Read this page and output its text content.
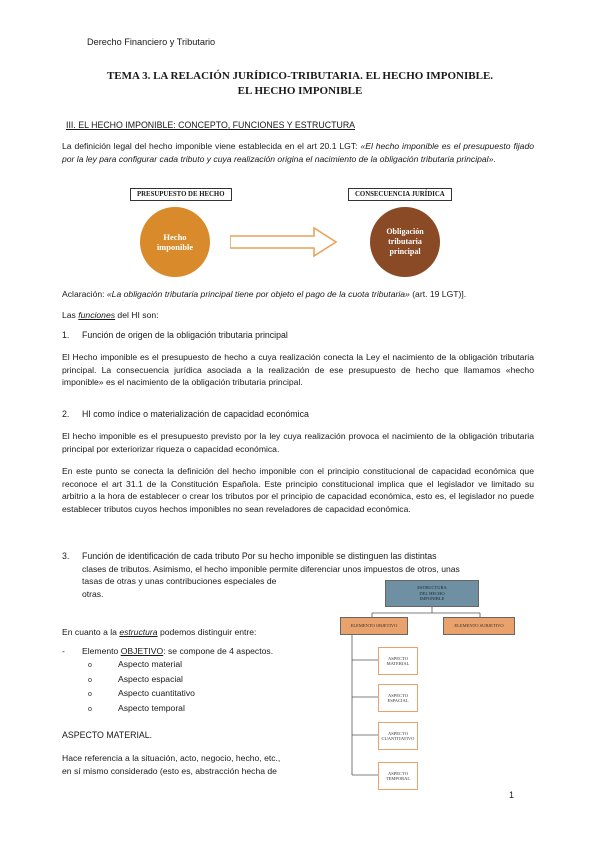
Derecho Financiero y Tributario
TEMA 3. LA RELACIÓN JURÍDICO-TRIBUTARIA. EL HECHO IMPONIBLE.
EL HECHO IMPONIBLE
III. EL HECHO IMPONIBLE: CONCEPTO, FUNCIONES Y ESTRUCTURA
La definición legal del hecho imponible viene establecida en el art 20.1 LGT: «El hecho imponible es el presupuesto fijado por la ley para configurar cada tributo y cuya realización origina el nacimiento de la obligación tributaria principal».
PRESUPUESTO DE HECHO	CONSECUENCIA JURÍDICA
Hecho
imponible
Obligación
tributaria
principal
Aclaración: «La obligación tributaria principal tiene por objeto el pago de la cuota tributaria» (art. 19 LGT)].
Las funciones del HI son:
1. Función de origen de la obligación tributaria principal
El Hecho imponible es el presupuesto de hecho a cuya realización conecta la Ley el nacimiento de la obligación tributaria principal. La consecuencia jurídica asociada a la realización de ese presupuesto de hecho que llamamos «hecho imponible» es el nacimiento de la obligación tributaria principal.
2. HI como índice o materialización de capacidad económica
El hecho imponible es el presupuesto previsto por la ley cuya realización provoca el nacimiento de la obligación tributaria principal por exteriorizar riqueza o capacidad económica.
En este punto se conecta la definición del hecho imponible con el principio constitucional de capacidad económica que reconoce el art 31.1 de la Constitución Española. Este principio constitucional implica que el legislador ve limitado su arbitrio a la hora de establecer o crear los tributos por el principio de capacidad económica, esto es, el legislador no puede establecer tributos cuyos hechos imponibles no sean reveladores de capacidad económica.
3. Función de identificación de cada tributo Por su hecho imponible se distinguen las distintas
clases de tributos. Asimismo, el hecho imponible permite diferenciar unos impuestos de otros, unas
tasas de otras y unas contribuciones especiales de
otras.
En cuanto a la estructura podemos distinguir entre:
- Elemento OBJETIVO: se compone de 4 aspectos.
o	Aspecto material
o	Aspecto espacial
o	Aspecto cuantitativo
o	Aspecto temporal
ASPECTO MATERIAL.
Hace referencia a la situación, acto, negocio, hecho, etc.,
en sí mismo considerado (esto es, abstracción hecha de
ESTRUCTURA
DEL HECHO
IMPONIBLE
ELEMENTO OBJETIVO	ELEMENTO SUBJETIVO
ASPECTO
MATERIAL
ASPECTO
ESPACIAL
ASPECTO
CUANTITATIVO
ASPECTO
TEMPORAL
1
